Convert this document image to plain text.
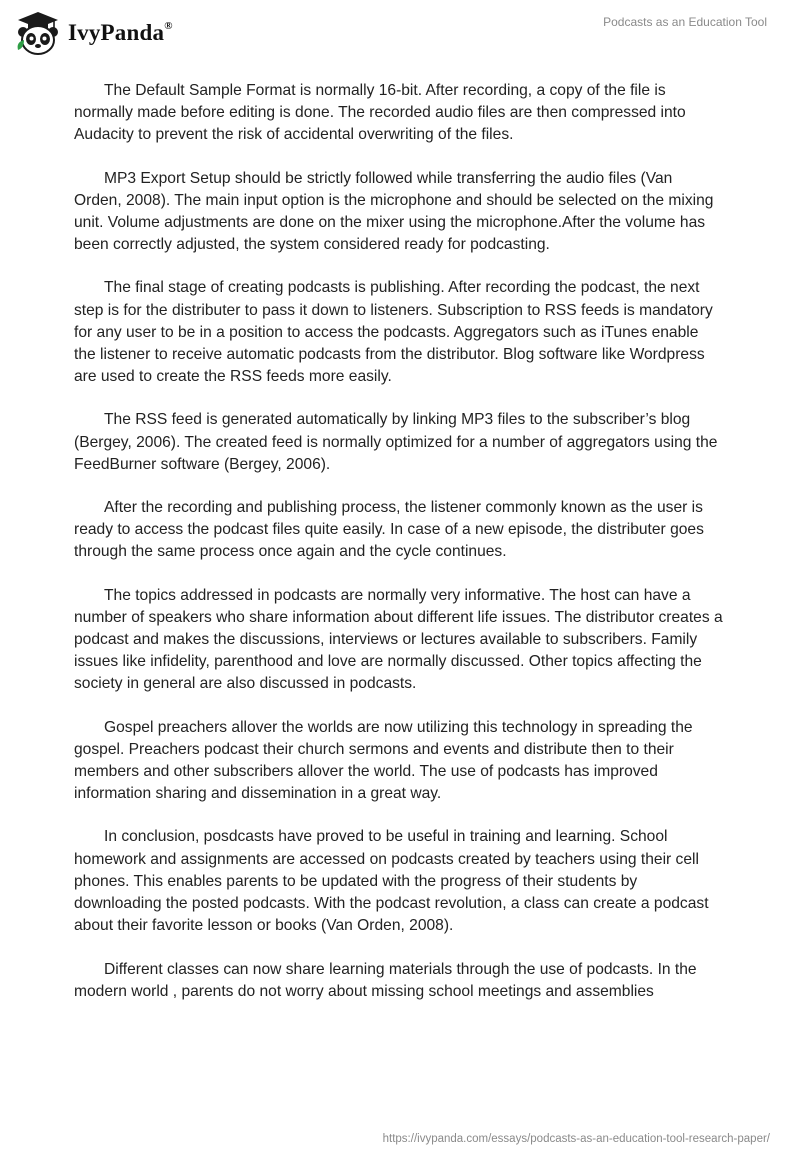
IvyPanda®	Podcasts as an Education Tool

The Default Sample Format is normally 16-bit. After recording, a copy of the file is normally made before editing is done. The recorded audio files are then compressed into Audacity to prevent the risk of accidental overwriting of the files.

MP3 Export Setup should be strictly followed while transferring the audio files (Van Orden, 2008). The main input option is the microphone and should be selected on the mixing unit. Volume adjustments are done on the mixer using the microphone.After the volume has been correctly adjusted, the system considered ready for podcasting.

The final stage of creating podcasts is publishing. After recording the podcast, the next step is for the distributer to pass it down to listeners. Subscription to RSS feeds is mandatory for any user to be in a position to access the podcasts. Aggregators such as iTunes enable the listener to receive automatic podcasts from the distributor. Blog software like Wordpress are used to create the RSS feeds more easily.

The RSS feed is generated automatically by linking MP3 files to the subscriber’s blog (Bergey, 2006). The created feed is normally optimized for a number of aggregators using the FeedBurner software (Bergey, 2006).

After the recording and publishing process, the listener commonly known as the user is ready to access the podcast files quite easily. In case of a new episode, the distributer goes through the same process once again and the cycle continues.

The topics addressed in podcasts are normally very informative. The host can have a number of speakers who share information about different life issues. The distributor creates a podcast and makes the discussions, interviews or lectures available to subscribers. Family issues like infidelity, parenthood and love are normally discussed. Other topics affecting the society in general are also discussed in podcasts.

Gospel preachers allover the worlds are now utilizing this technology in spreading the gospel. Preachers podcast their church sermons and events and distribute then to their members and other subscribers allover the world. The use of podcasts has improved information sharing and dissemination in a great way.

In conclusion, posdcasts have proved to be useful in training and learning. School homework and assignments are accessed on podcasts created by teachers using their cell phones. This enables parents to be updated with the progress of their students by downloading the posted podcasts. With the podcast revolution, a class can create a podcast about their favorite lesson or books (Van Orden, 2008).

Different classes can now share learning materials through the use of podcasts. In the modern world , parents do not worry about missing school meetings and assemblies

https://ivypanda.com/essays/podcasts-as-an-education-tool-research-paper/
